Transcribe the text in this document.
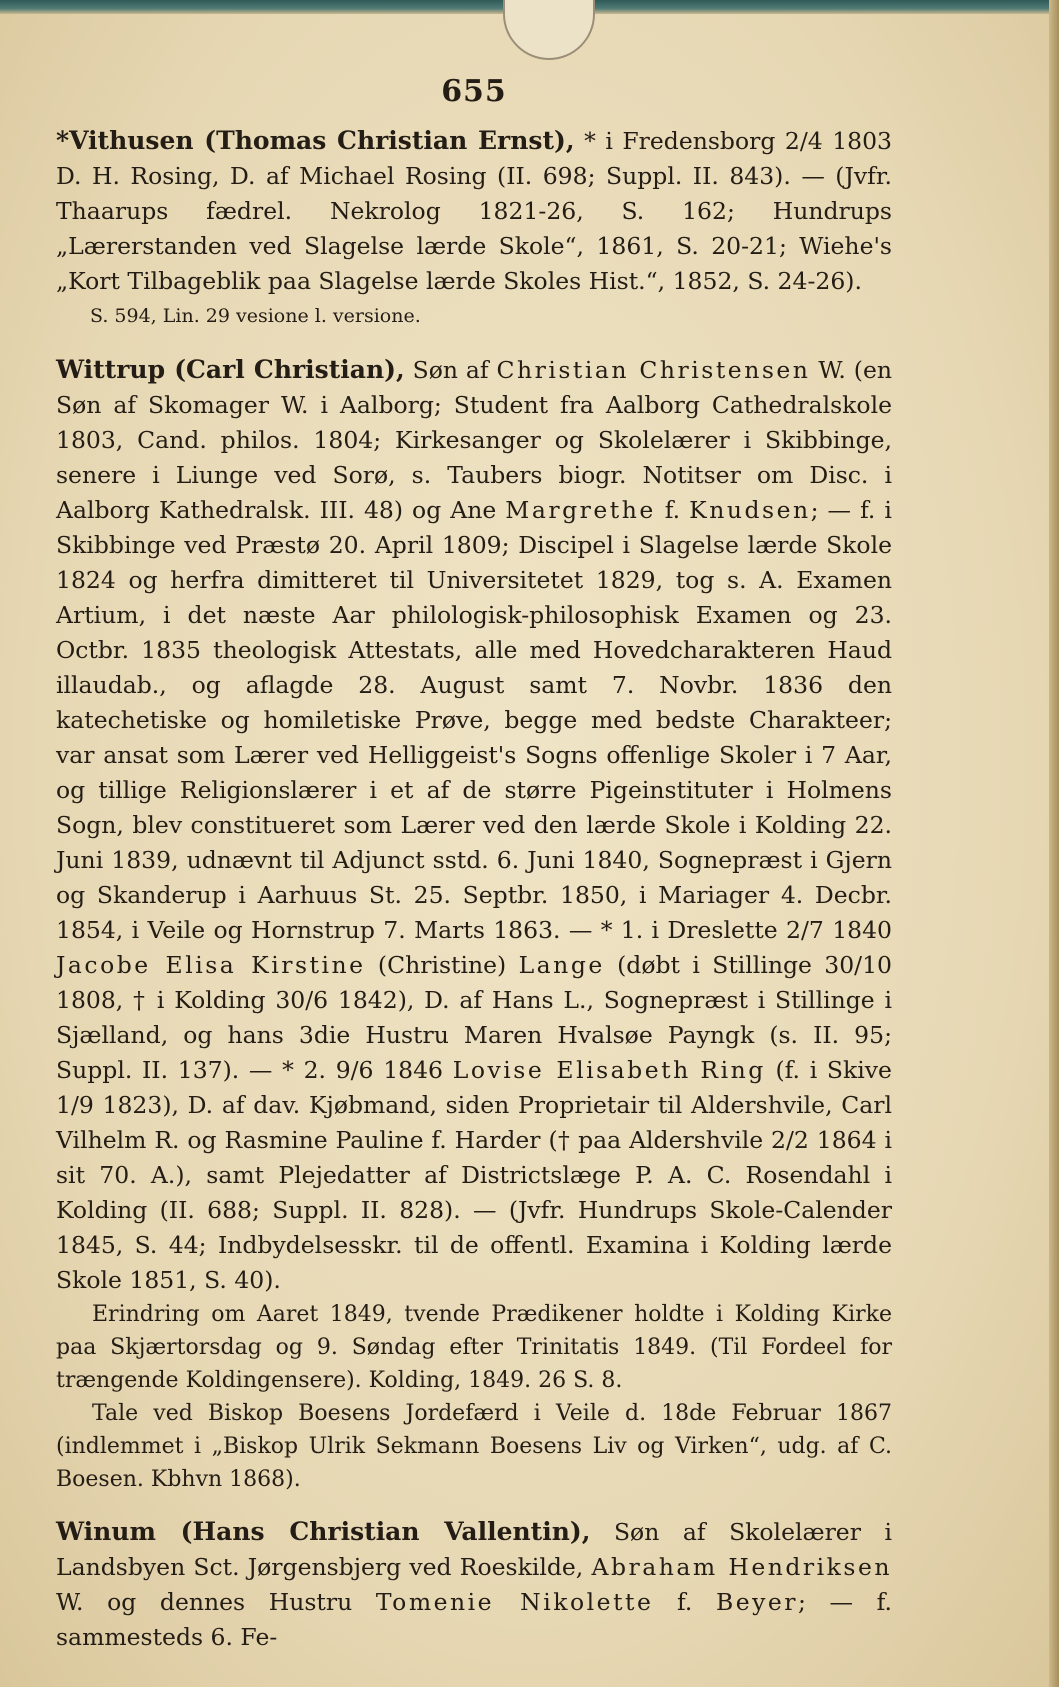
655

*Vithusen (Thomas Christian Ernst), * i Fredensborg 2/4 1803 D. H. Rosing, D. af Michael Rosing (II. 698; Suppl. II. 843). — (Jvfr. Thaarups fædrel. Nekrolog 1821-26, S. 162; Hundrups „Lærerstanden ved Slagelse lærde Skole“, 1861, S. 20-21; Wiehe's „Kort Tilbageblik paa Slagelse lærde Skoles Hist.“, 1852, S. 24-26).

S. 594, Lin. 29 vesione l. versione.

Wittrup (Carl Christian), Søn af Christian Christensen W. (en Søn af Skomager W. i Aalborg; Student fra Aalborg Cathedralskole 1803, Cand. philos. 1804; Kirkesanger og Skolelærer i Skibbinge, senere i Liunge ved Sorø, s. Taubers biogr. Notitser om Disc. i Aalborg Kathedralsk. III. 48) og Ane Margrethe f. Knudsen; — f. i Skibbinge ved Præstø 20. April 1809; Discipel i Slagelse lærde Skole 1824 og herfra dimitteret til Universitetet 1829, tog s. A. Examen Artium, i det næste Aar philologisk-philosophisk Examen og 23. Octbr. 1835 theologisk Attestats, alle med Hovedcharakteren Haud illaudab., og aflagde 28. August samt 7. Novbr. 1836 den katechetiske og homiletiske Prøve, begge med bedste Charakteer; var ansat som Lærer ved Helliggeist's Sogns offenlige Skoler i 7 Aar, og tillige Religionslærer i et af de større Pigeinstituter i Holmens Sogn, blev constitueret som Lærer ved den lærde Skole i Kolding 22. Juni 1839, udnævnt til Adjunct sstd. 6. Juni 1840, Sognepræst i Gjern og Skanderup i Aarhuus St. 25. Septbr. 1850, i Mariager 4. Decbr. 1854, i Veile og Hornstrup 7. Marts 1863. — * 1. i Dreslette 2/7 1840 Jacobe Elisa Kirstine (Christine) Lange (døbt i Stillinge 30/10 1808, † i Kolding 30/6 1842), D. af Hans L., Sognepræst i Stillinge i Sjælland, og hans 3die Hustru Maren Hvalsøe Payngk (s. II. 95; Suppl. II. 137). — * 2. 9/6 1846 Lovise Elisabeth Ring (f. i Skive 1/9 1823), D. af dav. Kjøbmand, siden Proprietair til Aldershvile, Carl Vilhelm R. og Rasmine Pauline f. Harder († paa Aldershvile 2/2 1864 i sit 70. A.), samt Plejedatter af Districtslæge P. A. C. Rosendahl i Kolding (II. 688; Suppl. II. 828). — (Jvfr. Hundrups Skole-Calender 1845, S. 44; Indbydelsesskr. til de offentl. Examina i Kolding lærde Skole 1851, S. 40).

Erindring om Aaret 1849, tvende Prædikener holdte i Kolding Kirke paa Skjærtorsdag og 9. Søndag efter Trinitatis 1849. (Til Fordeel for trængende Koldingensere). Kolding, 1849. 26 S. 8.

Tale ved Biskop Boesens Jordefærd i Veile d. 18de Februar 1867 (indlemmet i „Biskop Ulrik Sekmann Boesens Liv og Virken“, udg. af C. Boesen. Kbhvn 1868).

Winum (Hans Christian Vallentin), Søn af Skolelærer i Landsbyen Sct. Jørgensbjerg ved Roeskilde, Abraham Hendriksen W. og dennes Hustru Tomenie Nikolette f. Beyer; — f. sammesteds 6. Fe-
